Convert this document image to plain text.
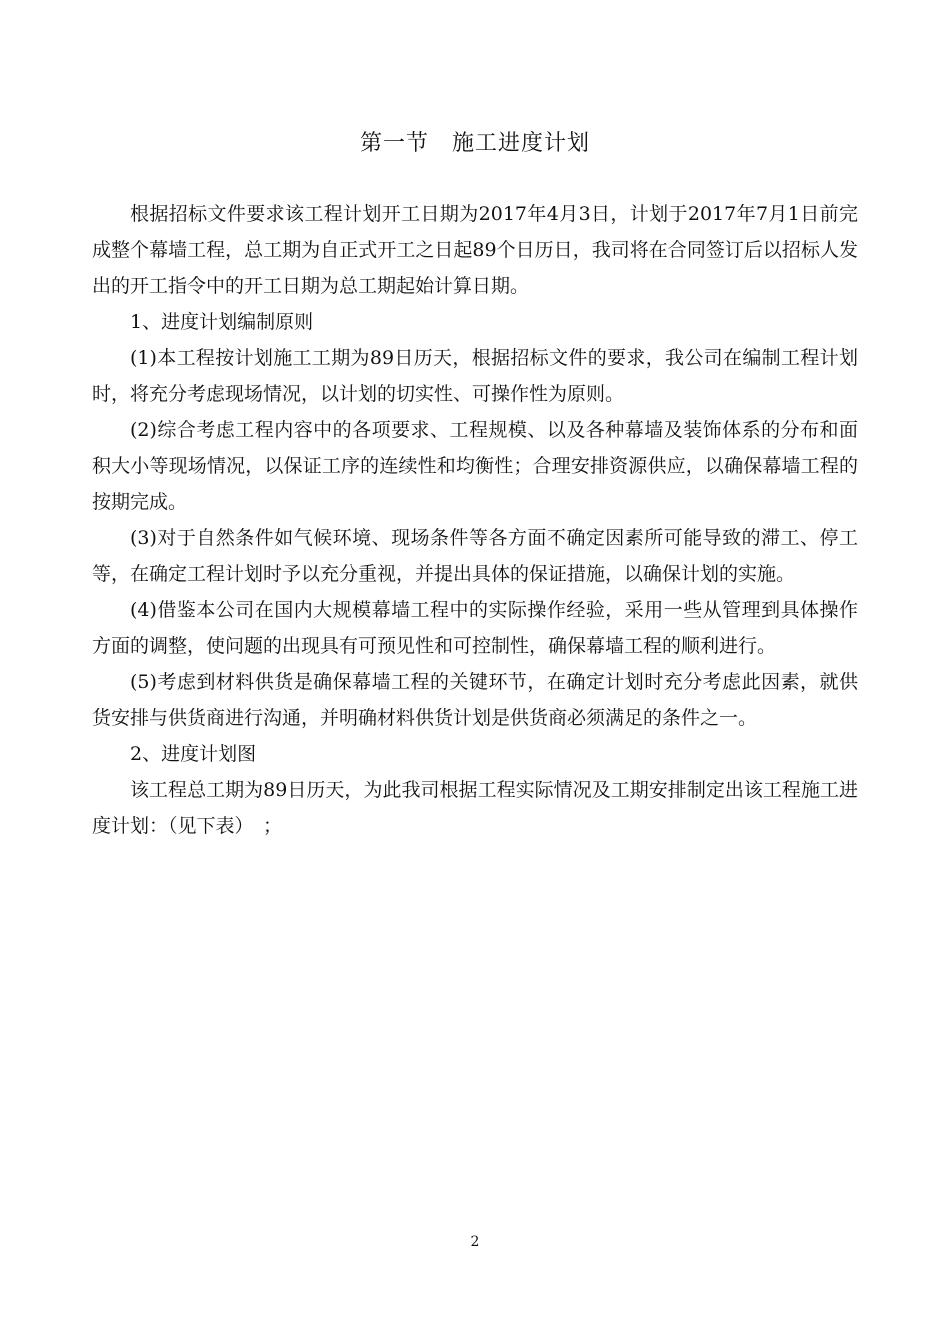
第一节　施工进度计划

根据招标文件要求该工程计划开工日期为2017年4月3日，计划于2017年7月1日前完成整个幕墙工程，总工期为自正式开工之日起89个日历日，我司将在合同签订后以招标人发出的开工指令中的开工日期为总工期起始计算日期。

1、进度计划编制原则

(1)本工程按计划施工工期为89日历天，根据招标文件的要求，我公司在编制工程计划时，将充分考虑现场情况，以计划的切实性、可操作性为原则。

(2)综合考虑工程内容中的各项要求、工程规模、以及各种幕墙及装饰体系的分布和面积大小等现场情况，以保证工序的连续性和均衡性；合理安排资源供应，以确保幕墙工程的按期完成。

(3)对于自然条件如气候环境、现场条件等各方面不确定因素所可能导致的滞工、停工等，在确定工程计划时予以充分重视，并提出具体的保证措施，以确保计划的实施。

(4)借鉴本公司在国内大规模幕墙工程中的实际操作经验，采用一些从管理到具体操作方面的调整，使问题的出现具有可预见性和可控制性，确保幕墙工程的顺利进行。

(5)考虑到材料供货是确保幕墙工程的关键环节，在确定计划时充分考虑此因素，就供货安排与供货商进行沟通，并明确材料供货计划是供货商必须满足的条件之一。

2、进度计划图

该工程总工期为89日历天，为此我司根据工程实际情况及工期安排制定出该工程施工进度计划：（见下表）　；

2
